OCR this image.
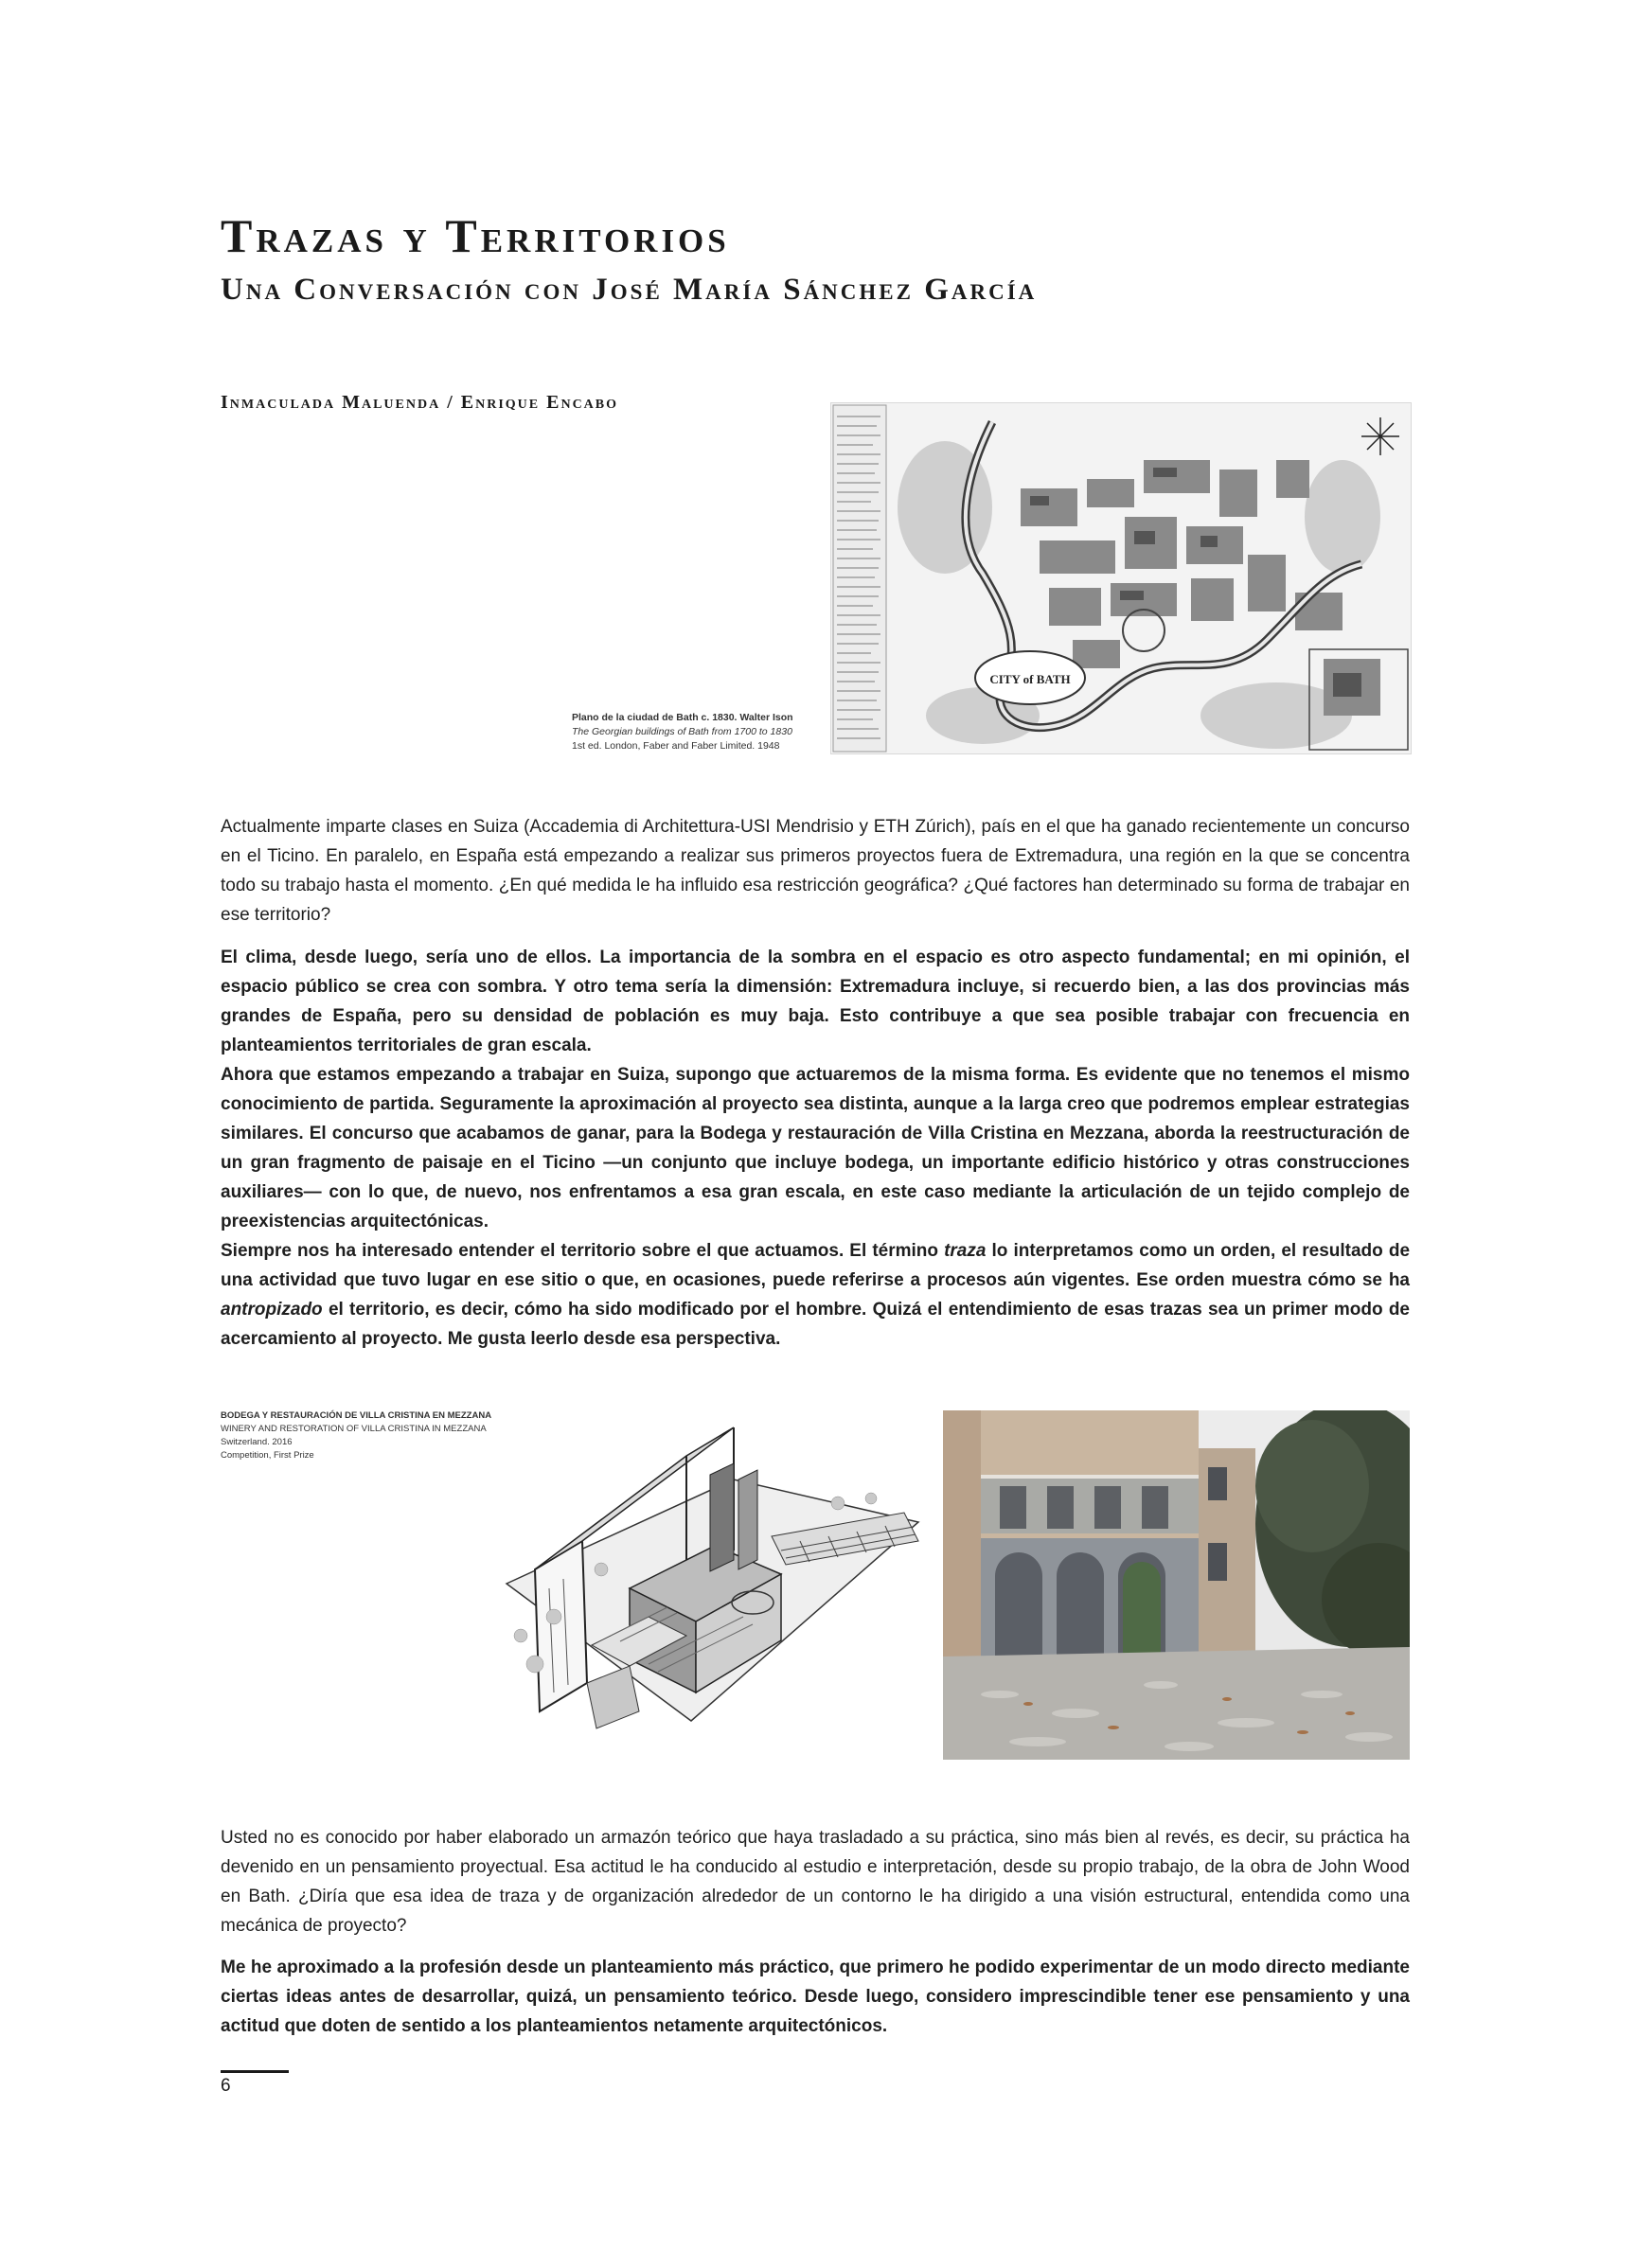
Trazas y Territorios
Una Conversación con José María Sánchez García
Inmaculada Maluenda / Enrique Encabo
CITY of BATH
Plano de la ciudad de Bath c. 1830. Walter Ison
The Georgian buildings of Bath from 1700 to 1830
1st ed. London, Faber and Faber Limited. 1948

Actualmente imparte clases en Suiza (Accademia di Architettura-USI Mendrisio y ETH Zúrich), país en el que ha ganado recientemente un concurso en el Ticino. En paralelo, en España está empezando a realizar sus primeros proyectos fuera de Extremadura, una región en la que se concentra todo su trabajo hasta el momento. ¿En qué medida le ha influido esa restricción geográfica? ¿Qué factores han determinado su forma de trabajar en ese territorio?

El clima, desde luego, sería uno de ellos. La importancia de la sombra en el espacio es otro aspecto fundamental; en mi opinión, el espacio público se crea con sombra. Y otro tema sería la dimensión: Extremadura incluye, si recuerdo bien, a las dos provincias más grandes de España, pero su densidad de población es muy baja. Esto contribuye a que sea posible trabajar con frecuencia en planteamientos territoriales de gran escala.

Ahora que estamos empezando a trabajar en Suiza, supongo que actuaremos de la misma forma. Es evidente que no tenemos el mismo conocimiento de partida. Seguramente la aproximación al proyecto sea distinta, aunque a la larga creo que podremos emplear estrategias similares. El concurso que acabamos de ganar, para la Bodega y restauración de Villa Cristina en Mezzana, aborda la reestructuración de un gran fragmento de paisaje en el Ticino —un conjunto que incluye bodega, un importante edificio histórico y otras construcciones auxiliares— con lo que, de nuevo, nos enfrentamos a esa gran escala, en este caso mediante la articulación de un tejido complejo de preexistencias arquitectónicas.

Siempre nos ha interesado entender el territorio sobre el que actuamos. El término traza lo interpretamos como un orden, el resultado de una actividad que tuvo lugar en ese sitio o que, en ocasiones, puede referirse a procesos aún vigentes. Ese orden muestra cómo se ha antropizado el territorio, es decir, cómo ha sido modificado por el hombre. Quizá el entendimiento de esas trazas sea un primer modo de acercamiento al proyecto. Me gusta leerlo desde esa perspectiva.

BODEGA Y RESTAURACIÓN DE VILLA CRISTINA EN MEZZANA
WINERY AND RESTORATION OF VILLA CRISTINA IN MEZZANA
Switzerland. 2016
Competition, First Prize

Usted no es conocido por haber elaborado un armazón teórico que haya trasladado a su práctica, sino más bien al revés, es decir, su práctica ha devenido en un pensamiento proyectual. Esa actitud le ha conducido al estudio e interpretación, desde su propio trabajo, de la obra de John Wood en Bath. ¿Diría que esa idea de traza y de organización alrededor de un contorno le ha dirigido a una visión estructural, entendida como una mecánica de proyecto?

Me he aproximado a la profesión desde un planteamiento más práctico, que primero he podido experimentar de un modo directo mediante ciertas ideas antes de desarrollar, quizá, un pensamiento teórico. Desde luego, considero imprescindible tener ese pensamiento y una actitud que doten de sentido a los planteamientos netamente arquitectónicos.

6
